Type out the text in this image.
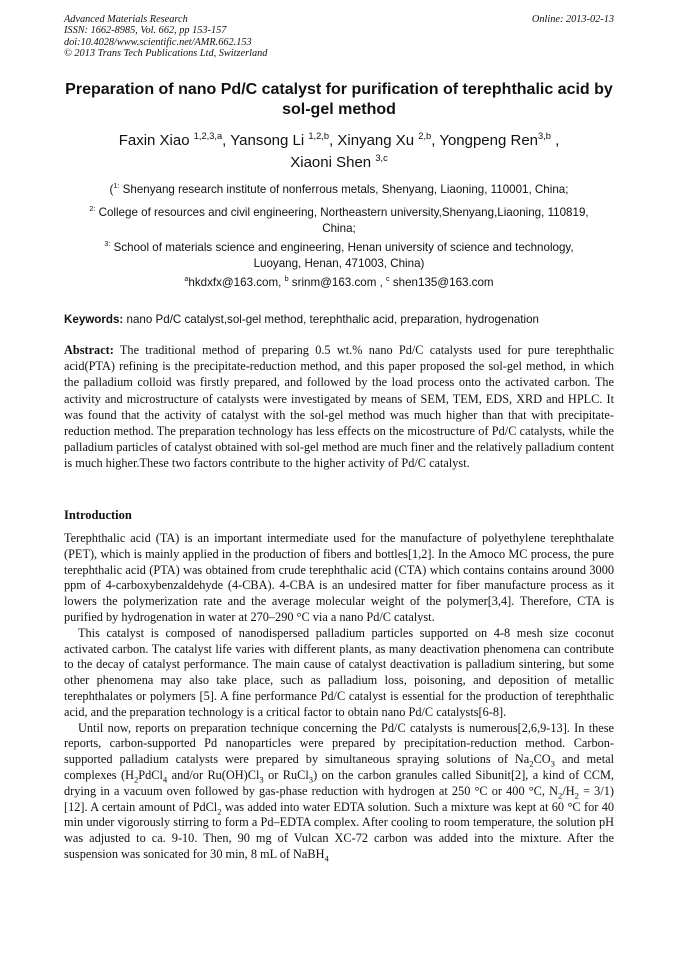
Advanced Materials Research
ISSN: 1662-8985, Vol. 662, pp 153-157
doi:10.4028/www.scientific.net/AMR.662.153
© 2013 Trans Tech Publications Ltd, Switzerland
Online: 2013-02-13
Preparation of nano Pd/C catalyst for purification of terephthalic acid by
sol-gel method
Faxin Xiao $^{1,2,3,a}$, Yansong Li $^{1,2,b}$, Xinyang Xu $^{2,b}$, Yongpeng Ren$^{3,b}$ ,
Xiaoni Shen $^{3,c}$
($^{1:}$ Shenyang research institute of nonferrous metals, Shenyang, Liaoning, 110001, China;
$^{2:}$ College of resources and civil engineering, Northeastern university,Shenyang,Liaoning, 110819,
China;
$^{3:}$ School of materials science and engineering, Henan university of science and technology,
Luoyang, Henan, 471003, China)
$^a$hkdxfx@163.com, $^b$ srinm@163.com , $^c$ shen135@163.com
Keywords: nano Pd/C catalyst,sol-gel method, terephthalic acid, preparation, hydrogenation

Abstract: The traditional method of preparing 0.5 wt.% nano Pd/C catalysts used for pure terephthalic acid(PTA) refining is the precipitate-reduction method, and this paper proposed the sol-gel method, in which the palladium colloid was firstly prepared, and followed by the load process onto the activated carbon. The activity and microstructure of catalysts were investigated by means of SEM, TEM, EDS, XRD and HPLC. It was found that the activity of catalyst with the sol-gel method was much higher than that with precipitate-reduction method. The preparation technology has less effects on the micostructure of Pd/C catalysts, while the palladium particles of catalyst obtained with sol-gel method are much finer and the relatively palladium content is much higher.These two factors contribute to the higher activity of Pd/C catalyst.

Introduction

Terephthalic acid (TA) is an important intermediate used for the manufacture of polyethylene terephthalate (PET), which is mainly applied in the production of fibers and bottles[1,2]. In the Amoco MC process, the pure terephthalic acid (PTA) was obtained from crude terephthalic acid (CTA) which contains contains around 3000 ppm of 4-carboxybenzaldehyde (4-CBA). 4-CBA is an undesired matter for fiber manufacture process as it lowers the polymerization rate and the average molecular weight of the polymer[3,4]. Therefore, CTA is purified by hydrogenation in water at 270–290 °C via a nano Pd/C catalyst.

This catalyst is composed of nanodispersed palladium particles supported on 4-8 mesh size coconut activated carbon. The catalyst life varies with different plants, as many deactivation phenomena can contribute to the decay of catalyst performance. The main cause of catalyst deactivation is palladium sintering, but some other phenomena may also take place, such as palladium loss, poisoning, and deposition of metallic terephthalates or polymers [5]. A fine performance Pd/C catalyst is essential for the production of terephthalic acid, and the preparation technology is a critical factor to obtain nano Pd/C catalysts[6-8].

Until now, reports on preparation technique concerning the Pd/C catalysts is numerous[2,6,9-13]. In these reports, carbon-supported Pd nanoparticles were prepared by precipitation-reduction method. Carbon-supported palladium catalysts were prepared by simultaneous spraying solutions of $Na_2CO_3$ and metal complexes ($H_2PdCl_4$ and/or $Ru(OH)Cl_3$ or RuCl$_3$) on the carbon granules called Sibunit[2], a kind of CCM, drying in a vacuum oven followed by gas-phase reduction with hydrogen at 250 °C or 400 °C, $N_2/H_2 = 3/1)[12]$. A certain amount of PdCl$_2$ was added into water EDTA solution. Such a mixture was kept at 60 °C for 40 min under vigorously stirring to form a Pd–EDTA complex. After cooling to room temperature, the solution pH was adjusted to ca. 9-10. Then, 90 mg of Vulcan XC-72 carbon was added into the mixture. After the suspension was sonicated for 30 min, 8 mL of NaBH$_4$
